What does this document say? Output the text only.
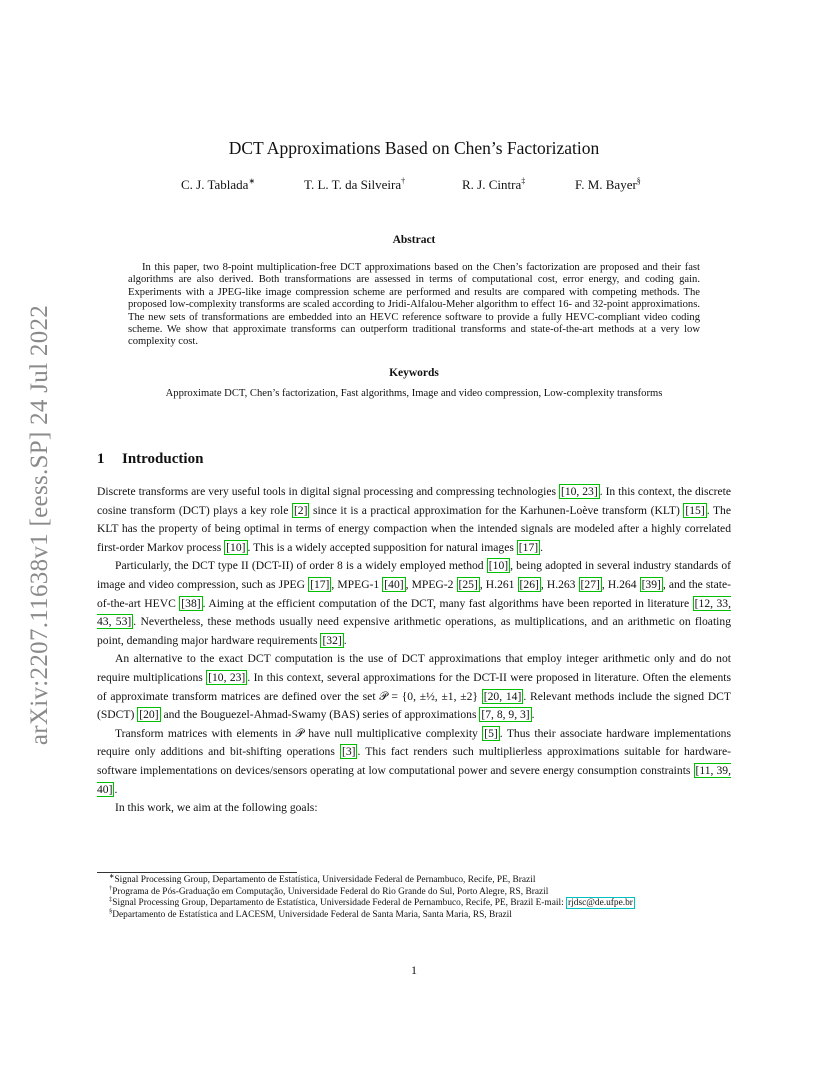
arXiv:2207.11638v1 [eess.SP] 24 Jul 2022
DCT Approximations Based on Chen’s Factorization
C. J. Tablada∗	T. L. T. da Silveira†	R. J. Cintra‡	F. M. Bayer§
Abstract
In this paper, two 8-point multiplication-free DCT approximations based on the Chen’s factorization are proposed and their fast algorithms are also derived. Both transformations are assessed in terms of computational cost, error energy, and coding gain. Experiments with a JPEG-like image compression scheme are performed and results are compared with competing methods. The proposed low-complexity transforms are scaled according to Jridi-Alfalou-Meher algorithm to effect 16- and 32-point approximations. The new sets of transformations are embedded into an HEVC reference software to provide a fully HEVC-compliant video coding scheme. We show that approximate transforms can outperform traditional transforms and state-of-the-art methods at a very low complexity cost.
Keywords
Approximate DCT, Chen’s factorization, Fast algorithms, Image and video compression, Low-complexity transforms
1 Introduction

Discrete transforms are very useful tools in digital signal processing and compressing technologies [10, 23] . In this context, the discrete cosine transform (DCT) plays a key role [2] since it is a practical approximation for the Karhunen-Loève transform (KLT) [15] . The KLT has the property of being optimal in terms of energy compaction when the intended signals are modeled after a highly correlated first-order Markov process [10] . This is a widely accepted supposition for natural images [17] .

Particularly, the DCT type II (DCT-II) of order 8 is a widely employed method [10] , being adopted in several industry standards of image and video compression, such as JPEG [17] , MPEG-1 [40] , MPEG-2 [25] , H.261 [26] , H.263 [27] , H.264 [39] , and the state-of-the-art HEVC [38] . Aiming at the efficient computation of the DCT, many fast algorithms have been reported in literature [12, 33, 43, 53] . Nevertheless, these methods usually need expensive arithmetic operations, as multiplications, and an arithmetic on floating point, demanding major hardware requirements [32] .

An alternative to the exact DCT computation is the use of DCT approximations that employ integer arithmetic only and do not require multiplications [10, 23] . In this context, several approximations for the DCT-II were proposed in literature. Often the elements of approximate transform matrices are defined over the set 𝒫 = {0, ±½, ±1, ±2} [20, 14] . Relevant methods include the signed DCT (SDCT) [20] and the Bouguezel-Ahmad-Swamy (BAS) series of approximations [7, 8, 9, 3] .

Transform matrices with elements in 𝒫 have null multiplicative complexity [5] . Thus their associate hardware implementations require only additions and bit-shifting operations [3] . This fact renders such multiplierless approximations suitable for hardware-software implementations on devices/sensors operating at low computational power and severe energy consumption constraints [11, 39, 40] .

In this work, we aim at the following goals:

∗Signal Processing Group, Departamento de Estatística, Universidade Federal de Pernambuco, Recife, PE, Brazil

†Programa de Pós-Graduação em Computação, Universidade Federal do Rio Grande do Sul, Porto Alegre, RS, Brazil

‡Signal Processing Group, Departamento de Estatística, Universidade Federal de Pernambuco, Recife, PE, Brazil E-mail: rjdsc@de.ufpe.br

§Departamento de Estatística and LACESM, Universidade Federal de Santa Maria, Santa Maria, RS, Brazil

1
